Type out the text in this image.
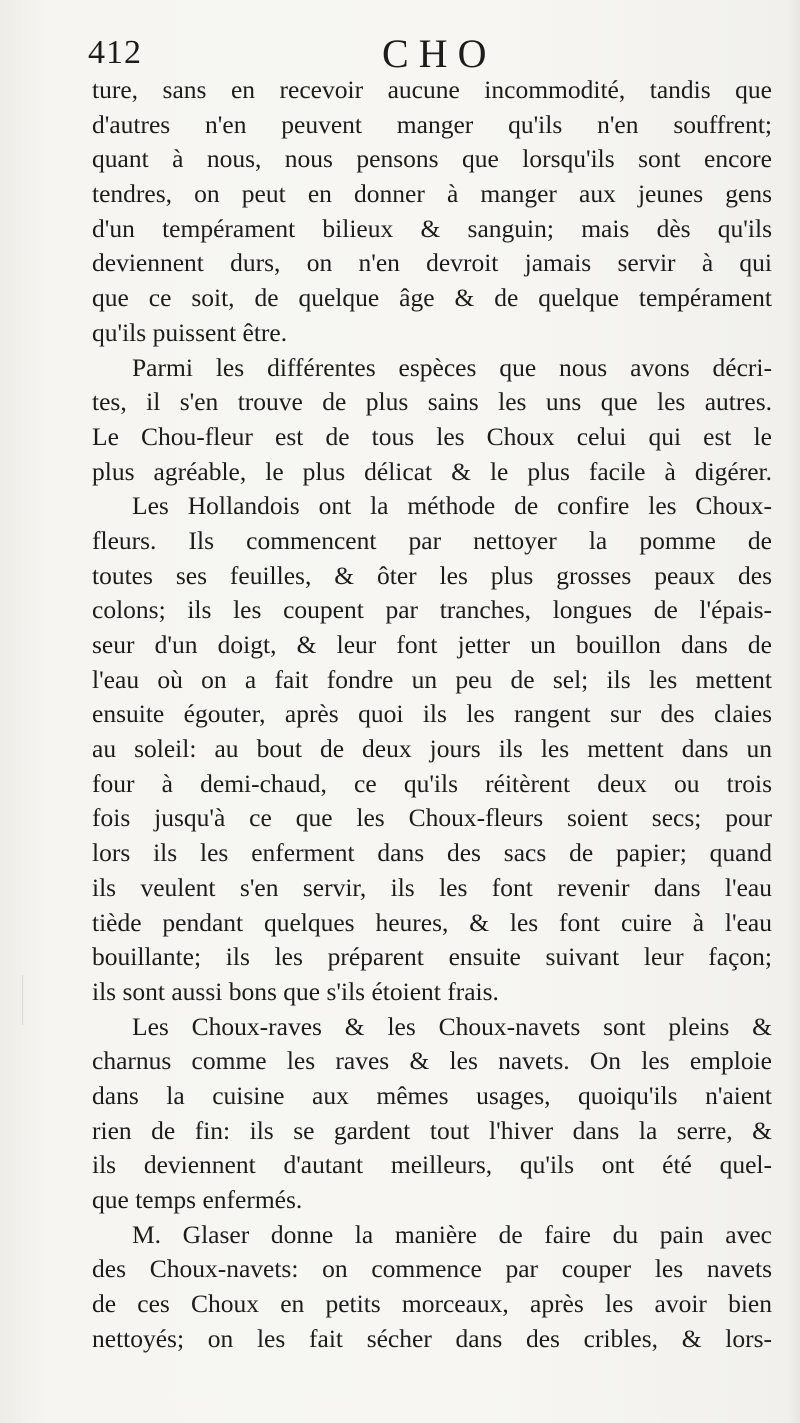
412	CHO
ture, sans en recevoir aucune incommodité, tandis que
d'autres n'en peuvent manger qu'ils n'en souffrent;
quant à nous, nous pensons que lorsqu'ils sont encore
tendres, on peut en donner à manger aux jeunes gens
d'un tempérament bilieux & sanguin; mais dès qu'ils
deviennent durs, on n'en devroit jamais servir à qui
que ce soit, de quelque âge & de quelque tempérament
qu'ils puissent être.
Parmi les différentes espèces que nous avons décri-
tes, il s'en trouve de plus sains les uns que les autres.
Le Chou-fleur est de tous les Choux celui qui est le
plus agréable, le plus délicat & le plus facile à digérer.
Les Hollandois ont la méthode de confire les Choux-
fleurs. Ils commencent par nettoyer la pomme de
toutes ses feuilles, & ôter les plus grosses peaux des
colons; ils les coupent par tranches, longues de l'épais-
seur d'un doigt, & leur font jetter un bouillon dans de
l'eau où on a fait fondre un peu de sel; ils les mettent
ensuite égouter, après quoi ils les rangent sur des claies
au soleil: au bout de deux jours ils les mettent dans un
four à demi-chaud, ce qu'ils réitèrent deux ou trois
fois jusqu'à ce que les Choux-fleurs soient secs; pour
lors ils les enferment dans des sacs de papier; quand
ils veulent s'en servir, ils les font revenir dans l'eau
tiède pendant quelques heures, & les font cuire à l'eau
bouillante; ils les préparent ensuite suivant leur façon;
ils sont aussi bons que s'ils étoient frais.
Les Choux-raves & les Choux-navets sont pleins &
charnus comme les raves & les navets. On les emploie
dans la cuisine aux mêmes usages, quoiqu'ils n'aient
rien de fin: ils se gardent tout l'hiver dans la serre, &
ils deviennent d'autant meilleurs, qu'ils ont été quel-
que temps enfermés.
M. Glaser donne la manière de faire du pain avec
des Choux-navets: on commence par couper les navets
de ces Choux en petits morceaux, après les avoir bien
nettoyés; on les fait sécher dans des cribles, & lors-
